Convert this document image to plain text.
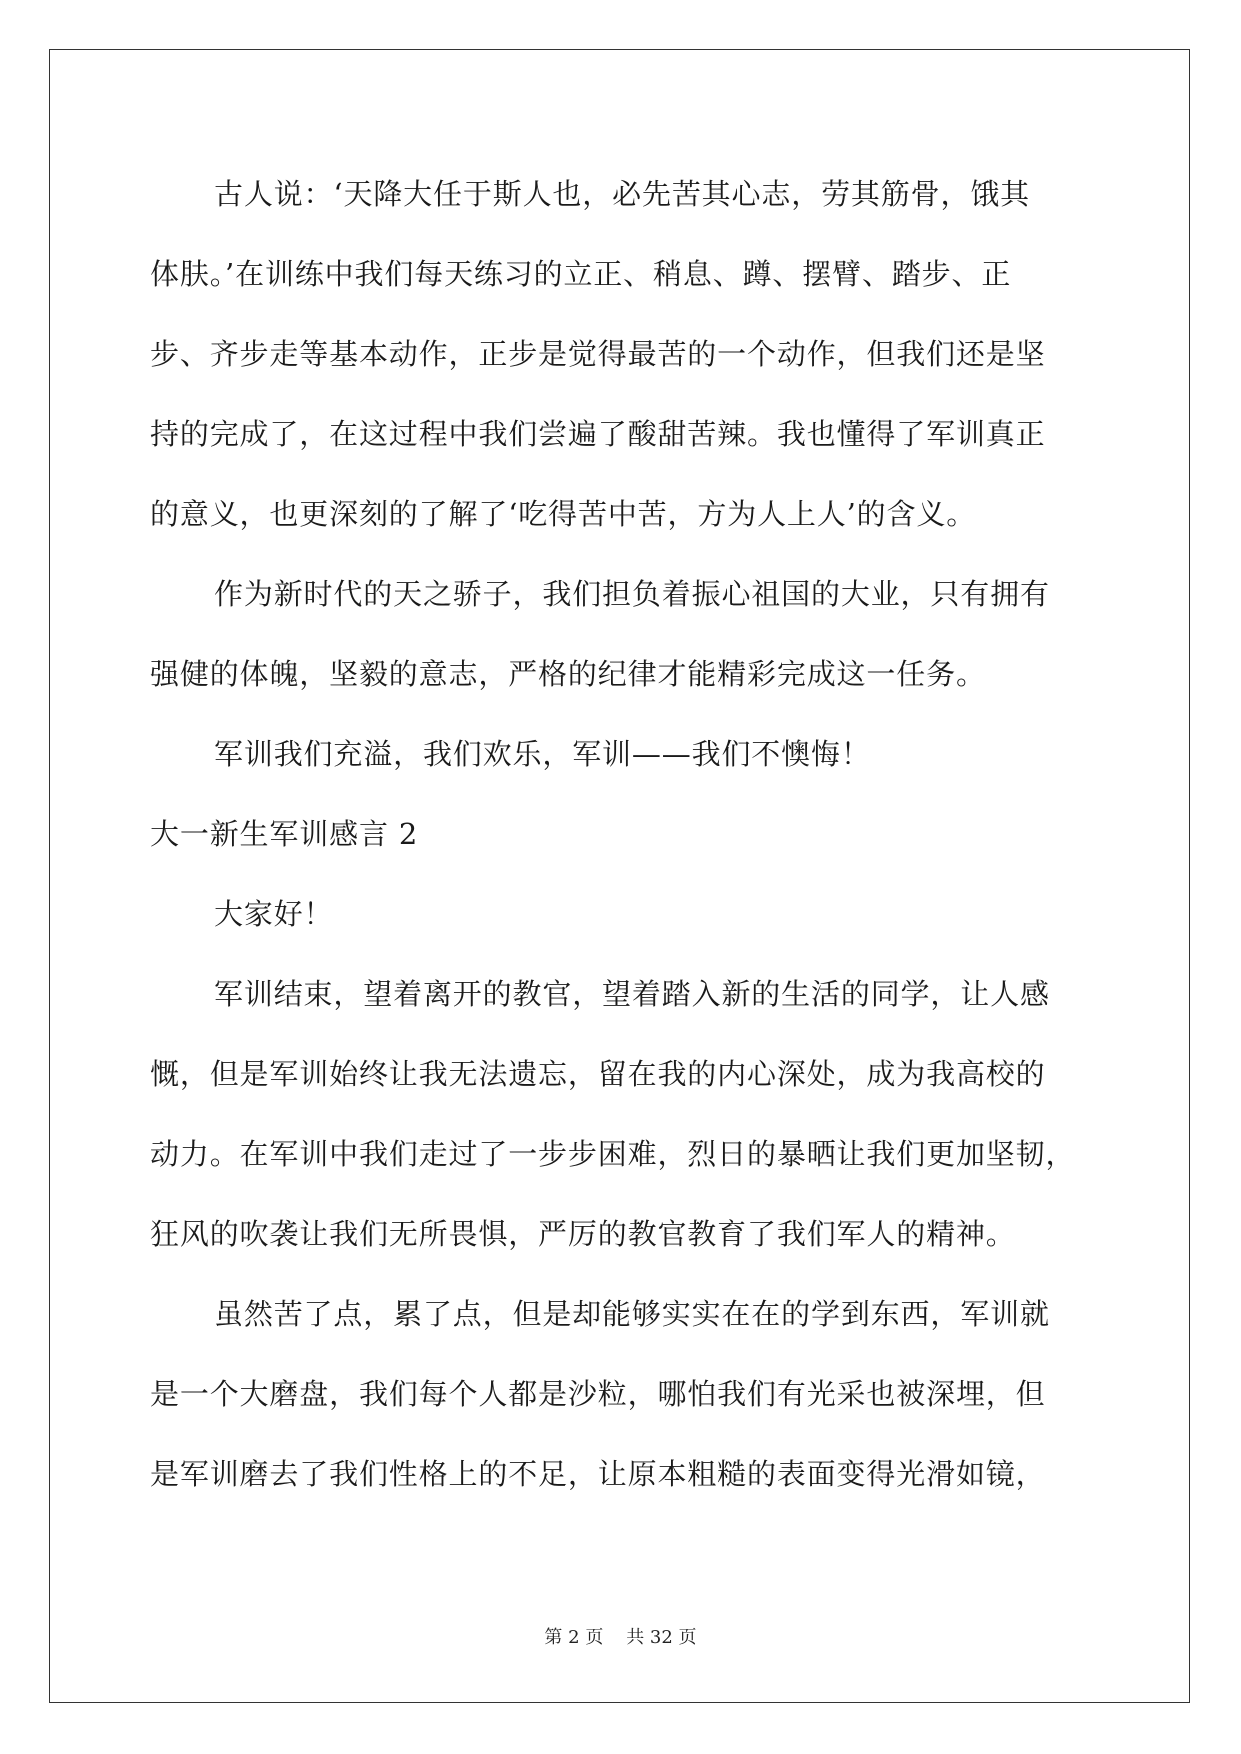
古人说：‘天降大任于斯人也，必先苦其心志，劳其筋骨，饿其
体肤。’在训练中我们每天练习的立正、稍息、蹲、摆臂、踏步、正
步、齐步走等基本动作，正步是觉得最苦的一个动作，但我们还是坚
持的完成了，在这过程中我们尝遍了酸甜苦辣。我也懂得了军训真正
的意义，也更深刻的了解了‘吃得苦中苦，方为人上人’的含义。
作为新时代的天之骄子，我们担负着振心祖国的大业，只有拥有
强健的体魄，坚毅的意志，严格的纪律才能精彩完成这一任务。
军训我们充溢，我们欢乐，军训——我们不懊悔！
大一新生军训感言 2
大家好！
军训结束，望着离开的教官，望着踏入新的生活的同学，让人感
慨，但是军训始终让我无法遗忘，留在我的内心深处，成为我高校的
动力。在军训中我们走过了一步步困难，烈日的暴晒让我们更加坚韧，
狂风的吹袭让我们无所畏惧，严厉的教官教育了我们军人的精神。
虽然苦了点，累了点，但是却能够实实在在的学到东西，军训就
是一个大磨盘，我们每个人都是沙粒，哪怕我们有光采也被深埋，但
是军训磨去了我们性格上的不足，让原本粗糙的表面变得光滑如镜，
第 2 页    共 32 页
